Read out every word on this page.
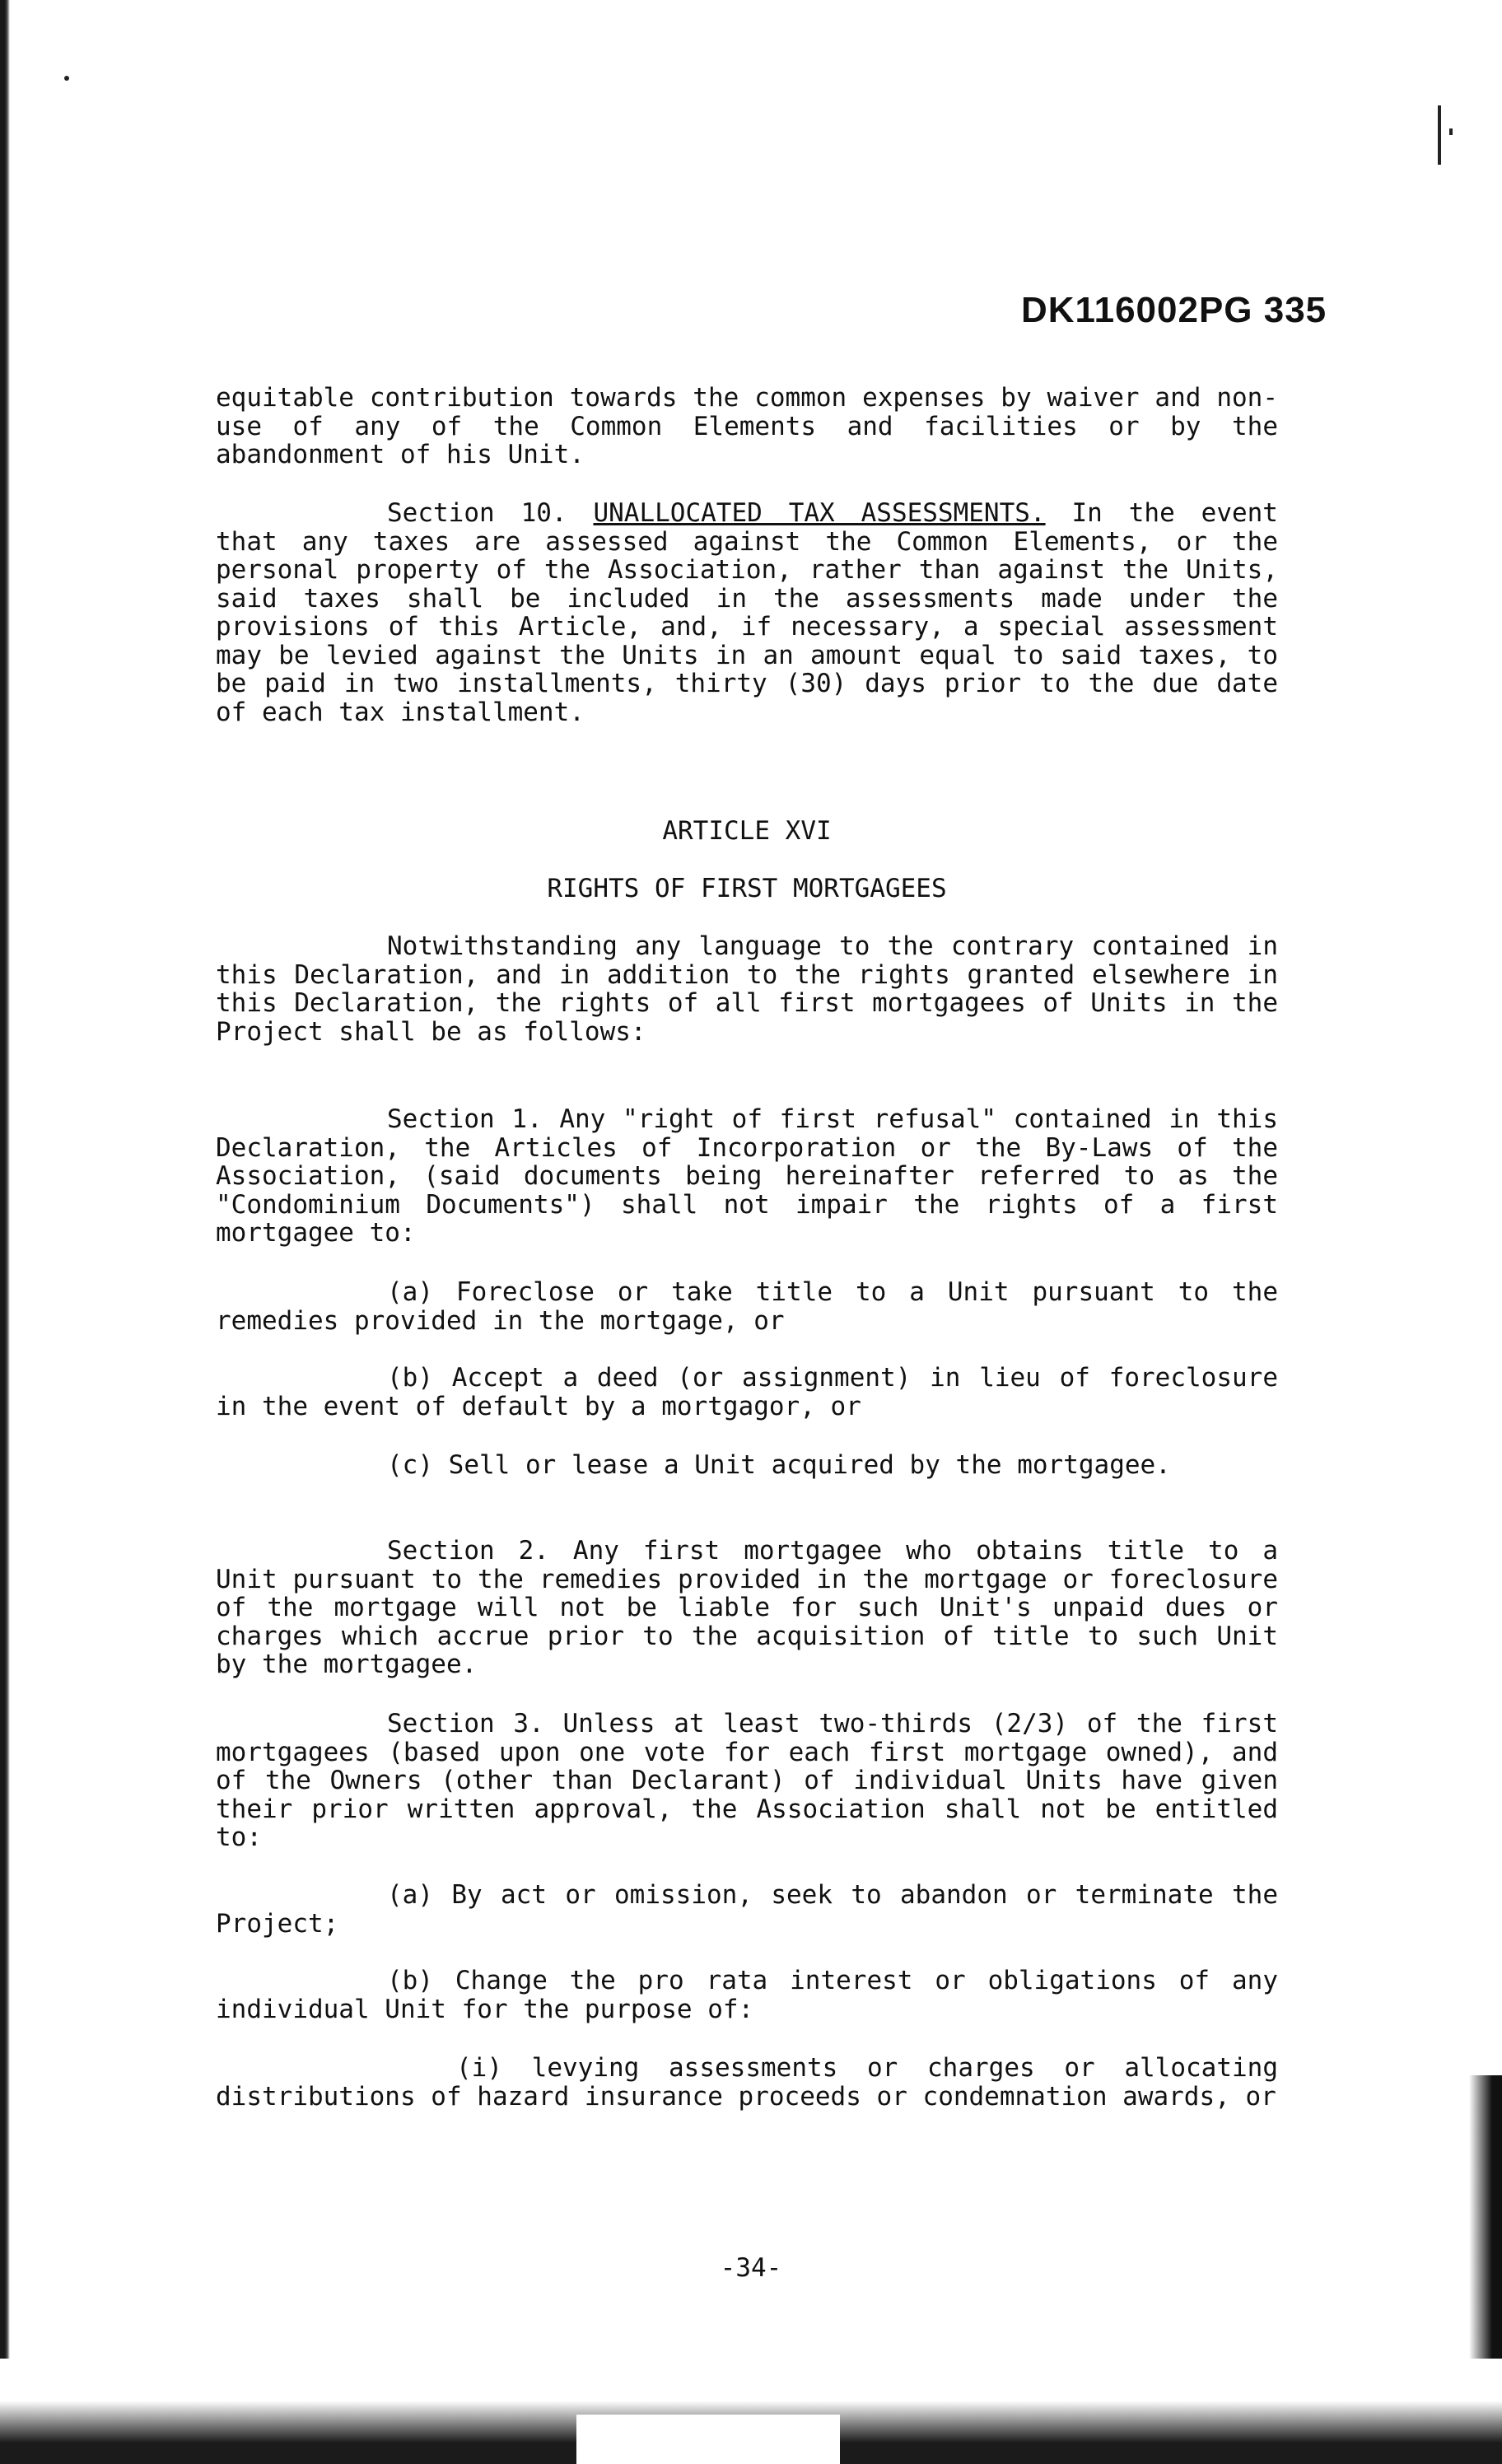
DK116002PG 335
equitable contribution towards the common expenses by waiver and non-use of any of the Common Elements and facilities or by the abandonment of his Unit.
Section 10. UNALLOCATED TAX ASSESSMENTS. In the event that any taxes are assessed against the Common Elements, or the personal property of the Association, rather than against the Units, said taxes shall be included in the assessments made under the provisions of this Article, and, if necessary, a special assessment may be levied against the Units in an amount equal to said taxes, to be paid in two installments, thirty (30) days prior to the due date of each tax installment.
ARTICLE XVI
RIGHTS OF FIRST MORTGAGEES
Notwithstanding any language to the contrary contained in this Declaration, and in addition to the rights granted elsewhere in this Declaration, the rights of all first mortgagees of Units in the Project shall be as follows:
Section 1. Any "right of first refusal" contained in this Declaration, the Articles of Incorporation or the By-Laws of the Association, (said documents being hereinafter referred to as the "Condominium Documents") shall not impair the rights of a first mortgagee to:
(a) Foreclose or take title to a Unit pursuant to the remedies provided in the mortgage, or
(b) Accept a deed (or assignment) in lieu of foreclosure in the event of default by a mortgagor, or
(c) Sell or lease a Unit acquired by the mortgagee.
Section 2. Any first mortgagee who obtains title to a Unit pursuant to the remedies provided in the mortgage or foreclosure of the mortgage will not be liable for such Unit's unpaid dues or charges which accrue prior to the acquisition of title to such Unit by the mortgagee.
Section 3. Unless at least two-thirds (2/3) of the first mortgagees (based upon one vote for each first mortgage owned), and of the Owners (other than Declarant) of individual Units have given their prior written approval, the Association shall not be entitled to:
(a) By act or omission, seek to abandon or terminate the Project;
(b) Change the pro rata interest or obligations of any individual Unit for the purpose of:
(i) levying assessments or charges or allocating distributions of hazard insurance proceeds or condemnation awards, or
-34-
